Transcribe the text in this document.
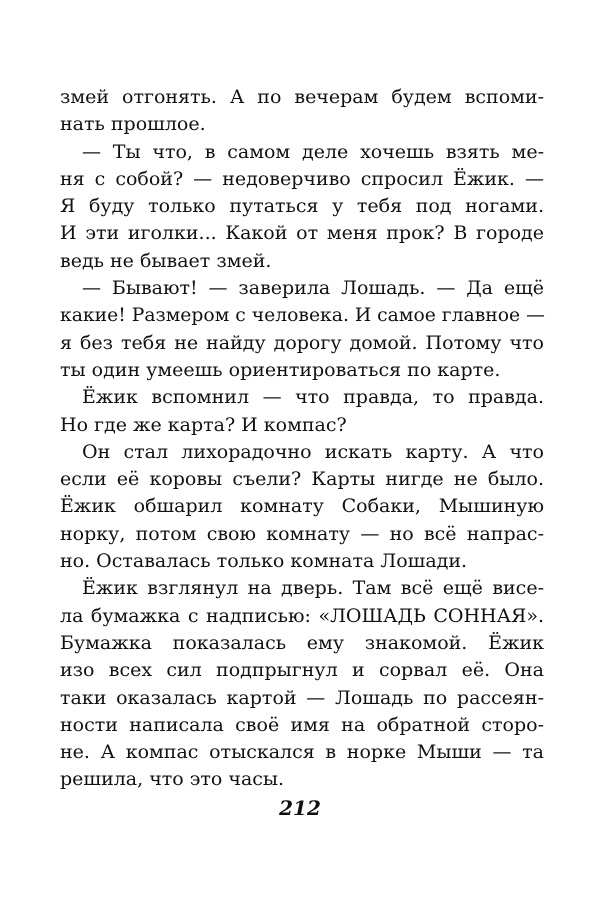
змей отгонять. А по вечерам будем вспоми-
нать прошлое.
— Ты что, в самом деле хочешь взять ме-
ня с собой? — недоверчиво спросил Ёжик. —
Я буду только путаться у тебя под ногами.
И эти иголки... Какой от меня прок? В городе
ведь не бывает змей.
— Бывают! — заверила Лошадь. — Да ещё
какие! Размером с человека. И самое главное —
я без тебя не найду дорогу домой. Потому что
ты один умеешь ориентироваться по карте.
Ёжик вспомнил — что правда, то правда.
Но где же карта? И компас?
Он стал лихорадочно искать карту. А что
если её коровы съели? Карты нигде не было.
Ёжик обшарил комнату Собаки, Мышиную
норку, потом свою комнату — но всё напрас-
но. Оставалась только комната Лошади.
Ёжик взглянул на дверь. Там всё ещё висе-
ла бумажка с надписью: «ЛОШАДЬ СОННАЯ».
Бумажка показалась ему знакомой. Ёжик
изо всех сил подпрыгнул и сорвал её. Она
таки оказалась картой — Лошадь по рассеян-
ности написала своё имя на обратной сторо-
не. А компас отыскался в норке Мыши — та
решила, что это часы.
212
